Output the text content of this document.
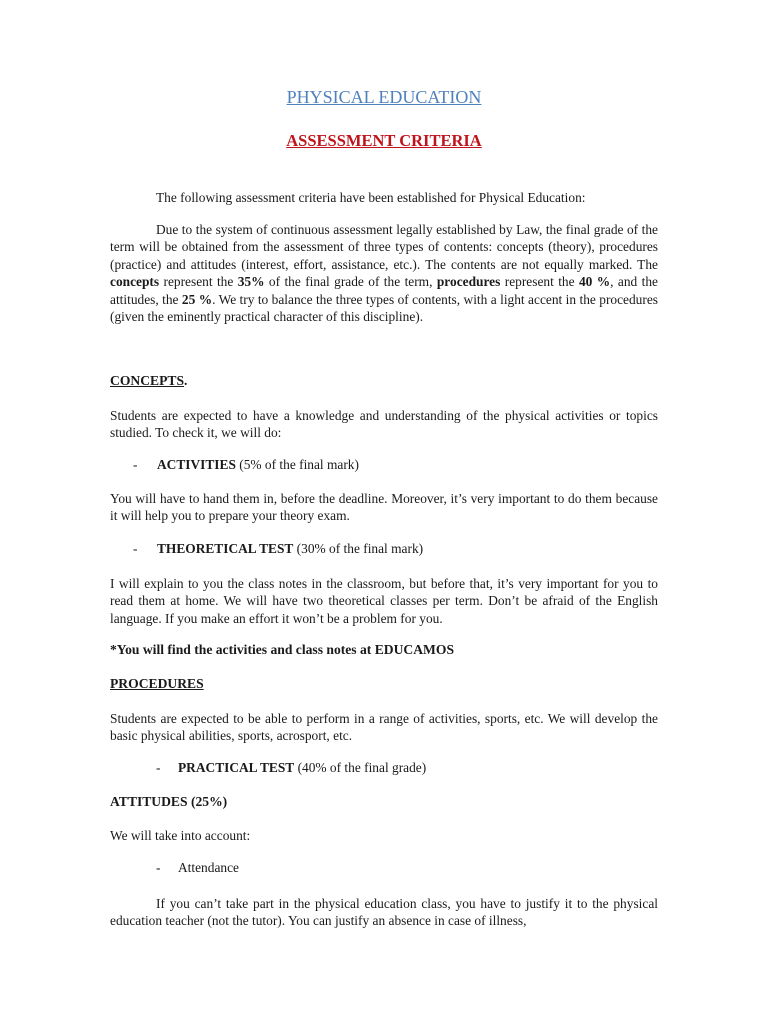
PHYSICAL EDUCATION
ASSESSMENT CRITERIA

The following assessment criteria have been established for Physical Education:

Due to the system of continuous assessment legally established by Law, the final grade of the term will be obtained from the assessment of three types of contents: concepts (theory), procedures (practice) and attitudes (interest, effort, assistance, etc.). The contents are not equally marked. The concepts represent the 35% of the final grade of the term, procedures represent the 40 %, and the attitudes, the 25 %. We try to balance the three types of contents, with a light accent in the procedures (given the eminently practical character of this discipline).

CONCEPTS.

Students are expected to have a knowledge and understanding of the physical activities or topics studied. To check it, we will do:

- ACTIVITIES (5% of the final mark)

You will have to hand them in, before the deadline. Moreover, it’s very important to do them because it will help you to prepare your theory exam.

- THEORETICAL TEST (30% of the final mark)

I will explain to you the class notes in the classroom, but before that, it’s very important for you to read them at home. We will have two theoretical classes per term. Don’t be afraid of the English language. If you make an effort it won’t be a problem for you.

*You will find the activities and class notes at EDUCAMOS

PROCEDURES

Students are expected to be able to perform in a range of activities, sports, etc. We will develop the basic physical abilities, sports, acrosport, etc.

- PRACTICAL TEST (40% of the final grade)

ATTITUDES (25%)

We will take into account:

- Attendance

If you can’t take part in the physical education class, you have to justify it to the physical education teacher (not the tutor). You can justify an absence in case of illness,
